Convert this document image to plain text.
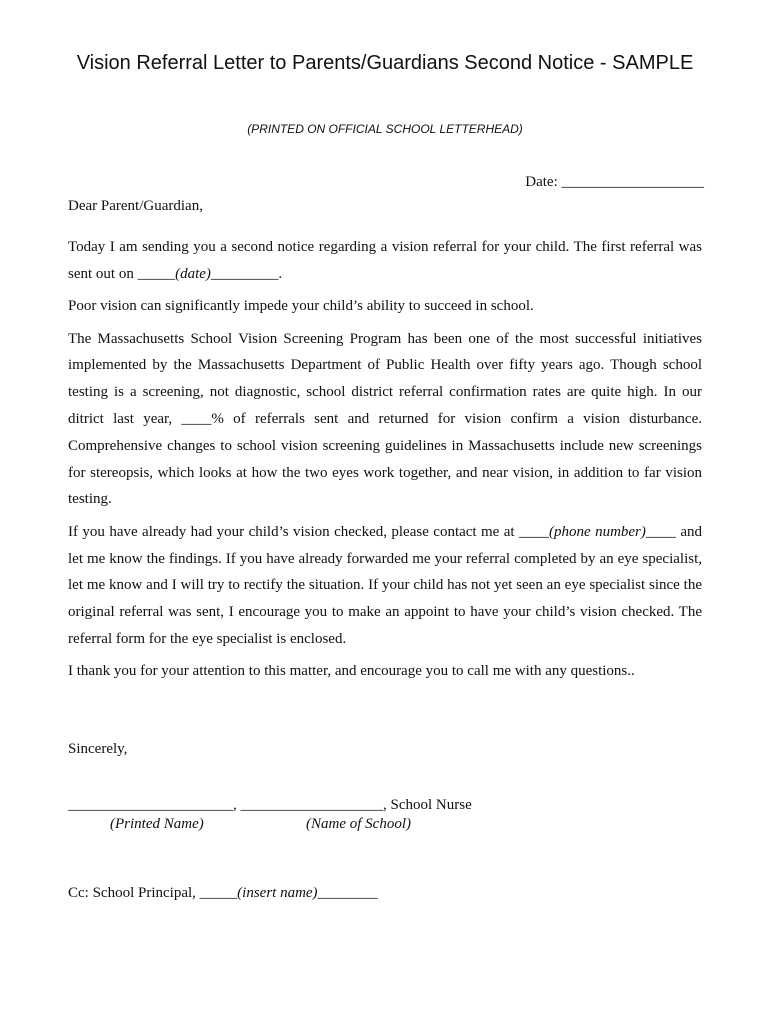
Vision Referral Letter to Parents/Guardians Second Notice - SAMPLE
(PRINTED ON OFFICIAL SCHOOL LETTERHEAD)
Date: ___________________
Dear Parent/Guardian,

Today I am sending you a second notice regarding a vision referral for your child. The first referral was sent out on _____(date)_________.

Poor vision can significantly impede your child’s ability to succeed in school.

The Massachusetts School Vision Screening Program has been one of the most successful initiatives implemented by the Massachusetts Department of Public Health over fifty years ago. Though school testing is a screening, not diagnostic, school district referral confirmation rates are quite high. In our ditrict last year, ____% of referrals sent and returned for vision confirm a vision disturbance. Comprehensive changes to school vision screening guidelines in Massachusetts include new screenings for stereopsis, which looks at how the two eyes work together, and near vision, in addition to far vision testing.

If you have already had your child’s vision checked, please contact me at ____(phone number)____ and let me know the findings. If you have already forwarded me your referral completed by an eye specialist, let me know and I will try to rectify the situation. If your child has not yet seen an eye specialist since the original referral was sent, I encourage you to make an appoint to have your child’s vision checked. The referral form for the eye specialist is enclosed.

I thank you for your attention to this matter, and encourage you to call me with any questions..

Sincerely,
______________________, ___________________, School Nurse
(Printed Name)	(Name of School)
Cc: School Principal, _____(insert name)________
